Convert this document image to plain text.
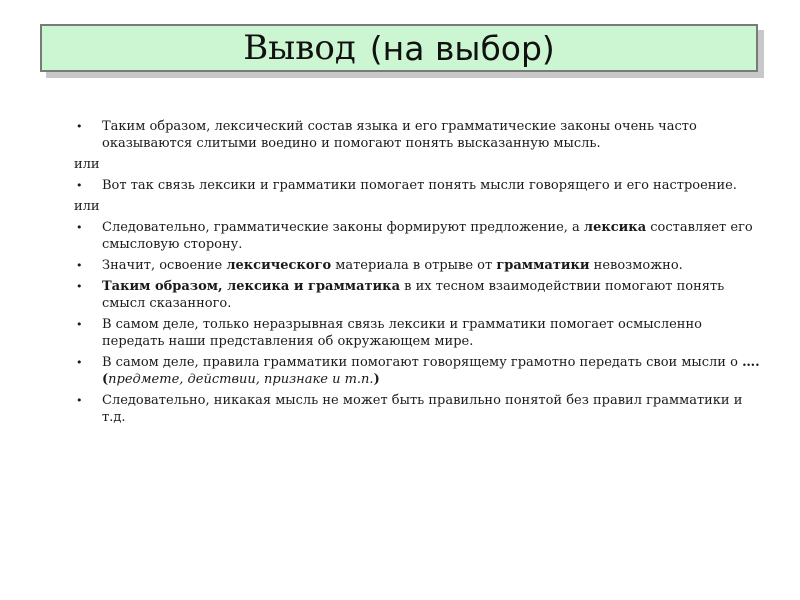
Вывод (на выбор)
• Таким образом, лексический состав языка и его грамматические законы очень часто оказываются слитыми воедино и помогают понять высказанную мысль.
или
• Вот так связь лексики и грамматики помогает понять мысли говорящего и его настроение.
или
• Следовательно, грамматические законы формируют предложение, а лексика составляет его смысловую сторону.
• Значит, освоение лексического материала в отрыве от грамматики невозможно.
• Таким образом, лексика и грамматика в их тесном взаимодействии помогают понять смысл сказанного.
• В самом деле, только неразрывная связь лексики и грамматики помогает осмысленно передать наши представления об окружающем мире.
• В самом деле, правила грамматики помогают говорящему грамотно передать свои мысли о ….(предмете, действии, признаке и т.п.)
• Следовательно, никакая мысль не может быть правильно понятой без правил грамматики и т.д.
